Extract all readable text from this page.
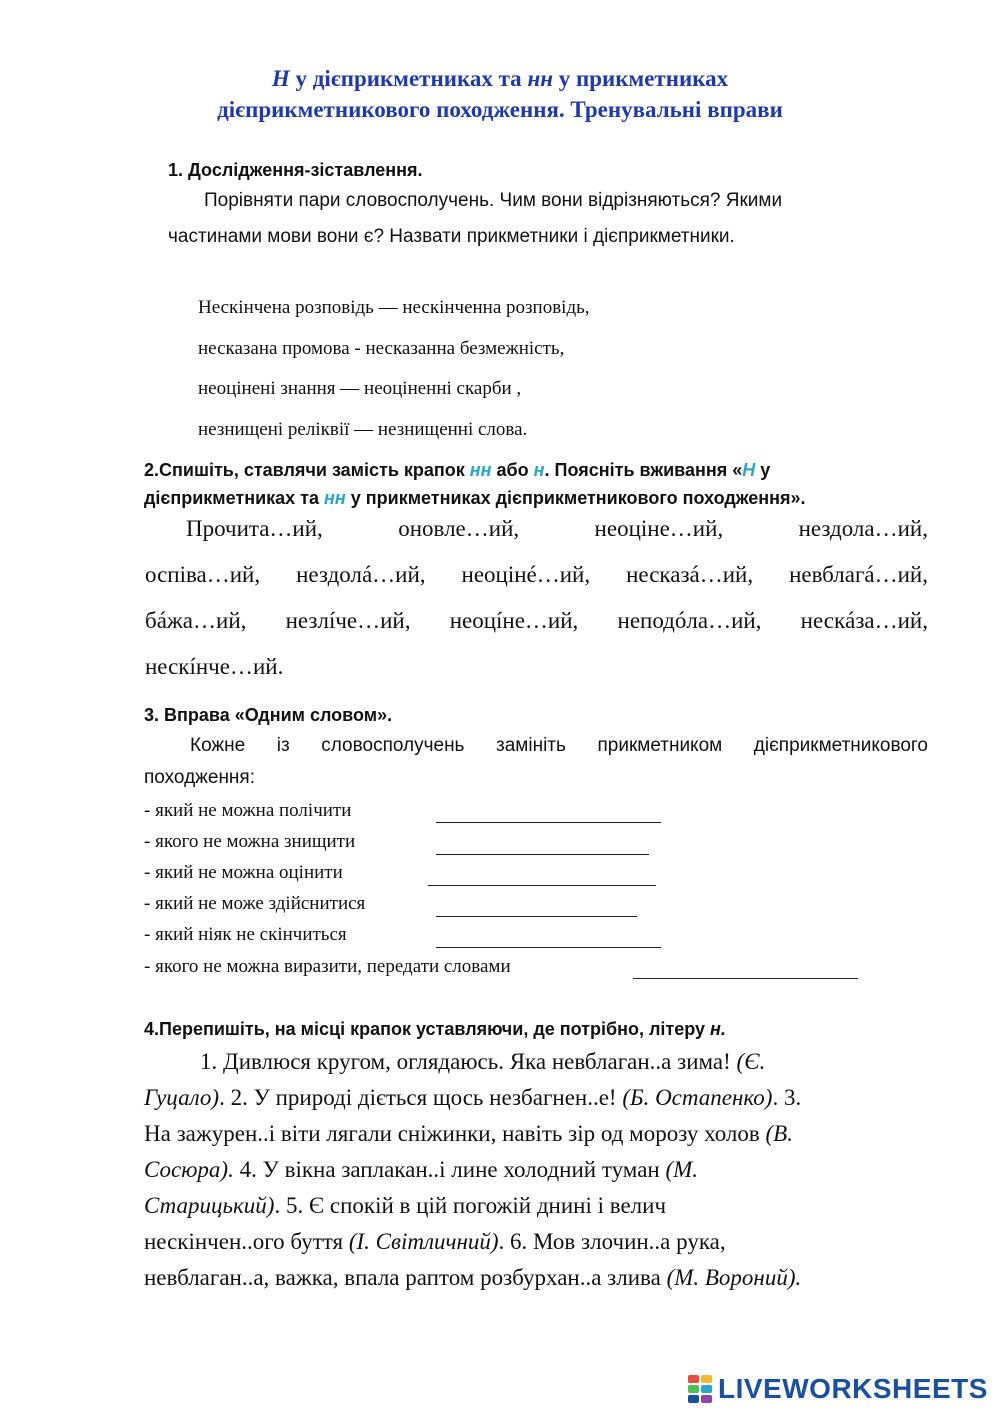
Н у дієприкметниках та нн у прикметниках
дієприкметникового походження. Тренувальні вправи
1. Дослідження-зіставлення.
Порівняти пари словосполучень. Чим вони відрізняються? Якими
частинами мови вони є? Назвати прикметники і дієприкметники.
Нескінчена розповідь — нескінченна розповідь,
несказана промова - несказанна безмежність,
неоцінені знання — неоціненні скарби ,
незнищені реліквії — незнищенні слова.
2.Спишіть, ставлячи замість крапок нн або н. Поясніть вживання «Н у
дієприкметниках та нн у прикметниках дієприкметникового походження».
Прочита…ий, оновле…ий, неоціне…ий, нездола…ий,
оспіва…ий, нездолá…ий, неоцінé…ий, несказá…ий, невблагá…ий,
бáжа…ий, незлíче…ий, неоцíне…ий, неподóла…ий, нескáза…ий,
нескíнче…ий.
3. Вправа «Одним словом».
Кожне із словосполучень замініть прикметником дієприкметникового
походження:
- який не можна полічити
- якого не можна знищити
- який не можна оцінити
- який не може здійснитися
- який ніяк не скінчиться
- якого не можна виразити, передати словами
4.Перепишіть, на місці крапок уставляючи, де потрібно, літеру н.
1. Дивлюся кругом, оглядаюсь. Яка невблаган..а зима! (Є.
Гуцало). 2. У природі діється щось незбагнен..е! (Б. Остапенко). 3.
На зажурен..і віти лягали сніжинки, навіть зір од морозу холов (В.
Сосюра). 4. У вікна заплакан..і лине холодний туман (М.
Старицький). 5. Є спокій в цій погожій днині і велич
нескінчен..ого буття (І. Світличний). 6. Мов злочин..а рука,
невблаган..а, важка, впала раптом розбурхан..а злива (М. Вороний).
LIVEWORKSHEETS
